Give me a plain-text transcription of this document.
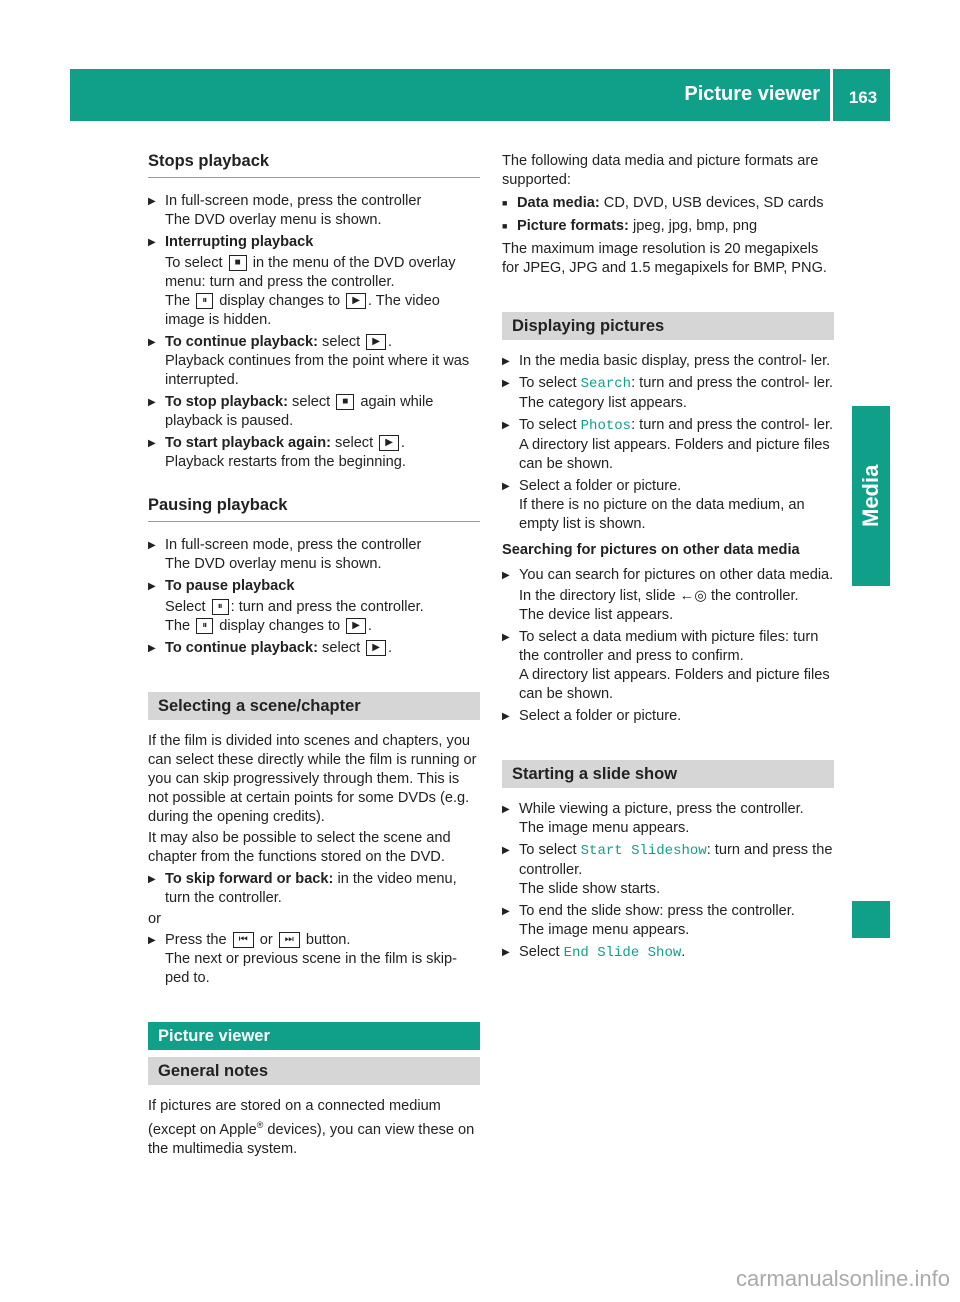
Picture viewer	163
Media
Stops playback

▶ In full-screen mode, press the controller

The DVD overlay menu is shown.

▶ Interrupting playback

To select ■ in the menu of the DVD overlay menu: turn and press the controller.

The ⏸ display changes to ▶ . The video image is hidden.

▶ To continue playback: select ▶ .

Playback continues from the point where it was interrupted.

▶ To stop playback: select ■ again while playback is paused.

▶ To start playback again: select ▶ .

Playback restarts from the beginning.

Pausing playback

▶ In full-screen mode, press the controller

The DVD overlay menu is shown.

▶ To pause playback

Select ⏸ : turn and press the controller.

The ⏸ display changes to ▶ .

▶ To continue playback: select ▶ .

Selecting a scene/chapter

If the film is divided into scenes and chapters, you can select these directly while the film is running or you can skip progressively through them. This is not possible at certain points for some DVDs (e.g. during the opening credits).

It may also be possible to select the scene and chapter from the functions stored on the DVD.

▶ To skip forward or back: in the video menu, turn the controller.

or

▶ Press the ⏮ or ⏭ button.

The next or previous scene in the film is skip- ped to.

Picture viewer
General notes

If pictures are stored on a connected medium (except on Apple® devices), you can view these on the multimedia system.

The following data media and picture formats are supported:

■ Data media: CD, DVD, USB devices, SD cards

■ Picture formats: jpeg, jpg, bmp, png

The maximum image resolution is 20 megapixels for JPEG, JPG and 1.5 megapixels for BMP, PNG.

Displaying pictures

▶ In the media basic display, press the control- ler.

▶ To select Search: turn and press the control- ler.

The category list appears.

▶ To select Photos: turn and press the control- ler.

A directory list appears. Folders and picture files can be shown.

▶ Select a folder or picture.

If there is no picture on the data medium, an empty list is shown.

Searching for pictures on other data media

▶ You can search for pictures on other data media.

In the directory list, slide ←◎ the controller.

The device list appears.

▶ To select a data medium with picture files: turn the controller and press to confirm.

A directory list appears. Folders and picture files can be shown.

▶ Select a folder or picture.

Starting a slide show

▶ While viewing a picture, press the controller.

The image menu appears.

▶ To select Start Slideshow: turn and press the controller.

The slide show starts.

▶ To end the slide show: press the controller.

The image menu appears.

▶ Select End Slide Show.

carmanualsonline.info
